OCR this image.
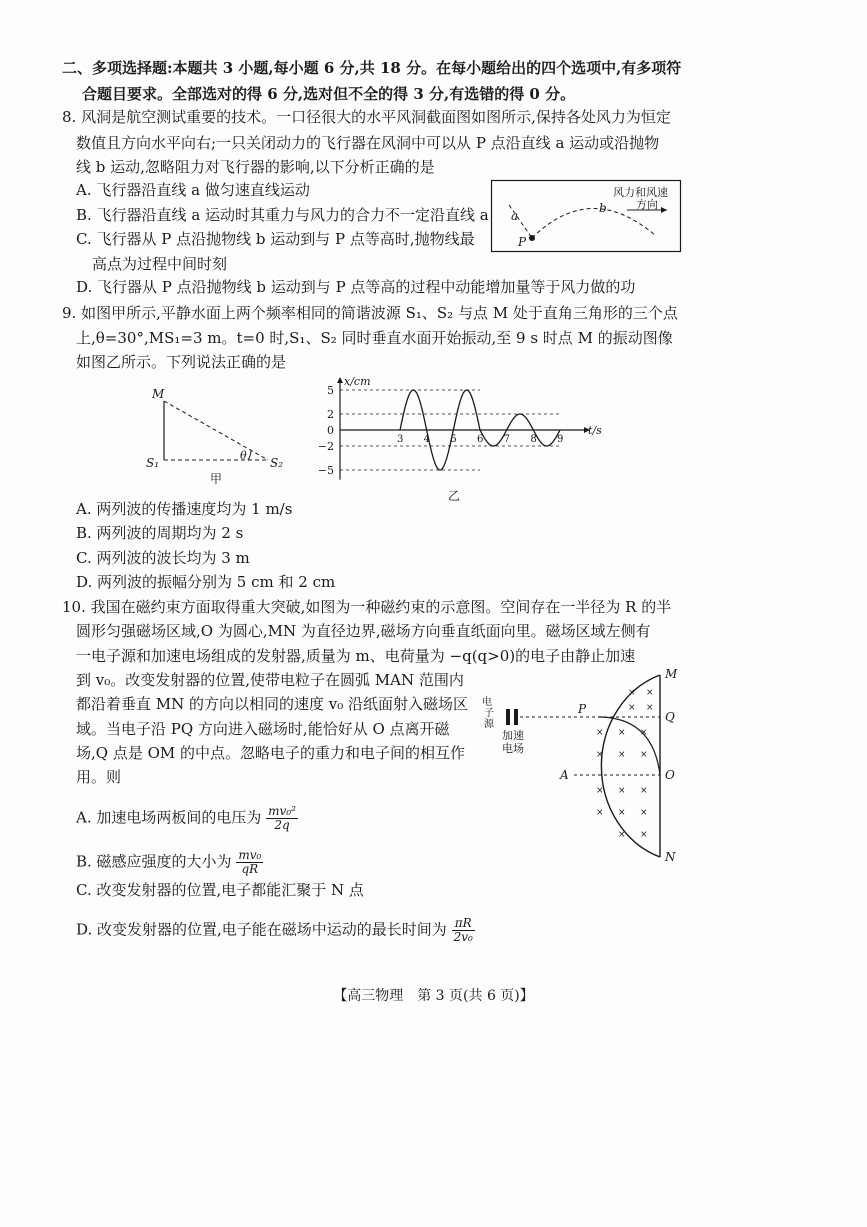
二、多项选择题:本题共 3 小题,每小题 6 分,共 18 分。在每小题给出的四个选项中,有多项符
合题目要求。全部选对的得 6 分,选对但不全的得 3 分,有选错的得 0 分。
8. 风洞是航空测试重要的技术。一口径很大的水平风洞截面图如图所示,保持各处风力为恒定
数值且方向水平向右;一只关闭动力的飞行器在风洞中可以从 P 点沿直线 a 运动或沿抛物
线 b 运动,忽略阻力对飞行器的影响,以下分析正确的是
A. 飞行器沿直线 a 做匀速直线运动
B. 飞行器沿直线 a 运动时其重力与风力的合力不一定沿直线 a
C. 飞行器从 P 点沿抛物线 b 运动到与 P 点等高时,抛物线最
高点为过程中间时刻
D. 飞行器从 P 点沿抛物线 b 运动到与 P 点等高的过程中动能增加量等于风力做的功
风力和风速
方向
a
b
P
9. 如图甲所示,平静水面上两个频率相同的简谐波源 S₁、S₂ 与点 M 处于直角三角形的三个点
上,θ=30°,MS₁=3 m。t=0 时,S₁、S₂ 同时垂直水面开始振动,至 9 s 时点 M 的振动图像
如图乙所示。下列说法正确的是
M
S₁	S₂
θ
甲
x/cm
t/s
5
2
0
−2
−5
3 4 5 6 7 8 9
乙
A. 两列波的传播速度均为 1 m/s
B. 两列波的周期均为 2 s
C. 两列波的波长均为 3 m
D. 两列波的振幅分别为 5 cm 和 2 cm
10. 我国在磁约束方面取得重大突破,如图为一种磁约束的示意图。空间存在一半径为 R 的半
圆形匀强磁场区域,O 为圆心,MN 为直径边界,磁场方向垂直纸面向里。磁场区域左侧有
一电子源和加速电场组成的发射器,质量为 m、电荷量为 −q(q>0)的电子由静止加速
到 v₀。改变发射器的位置,使带电粒子在圆弧 MAN 范围内
都沿着垂直 MN 的方向以相同的速度 v₀ 沿纸面射入磁场区
域。当电子沿 PQ 方向进入磁场时,能恰好从 O 点离开磁
场,Q 点是 OM 的中点。忽略电子的重力和电子间的相互作
用。则
A. 加速电场两板间的电压为 $\frac{\text{mv₀²}}{2q}$
B. 磁感应强度的大小为 $\frac{\text{mv₀}}{qR}$
C. 改变发射器的位置,电子都能汇聚于 N 点
D. 改变发射器的位置,电子能在磁场中运动的最长时间为 $\frac{\pi R}{\text{2v₀}}$
电
子
源
加速
电场
M
P
Q
A	O
N
× ×
× ×
× × ×
× × ×
× × ×
× × ×
× ×
【高三物理　第 3 页(共 6 页)】
